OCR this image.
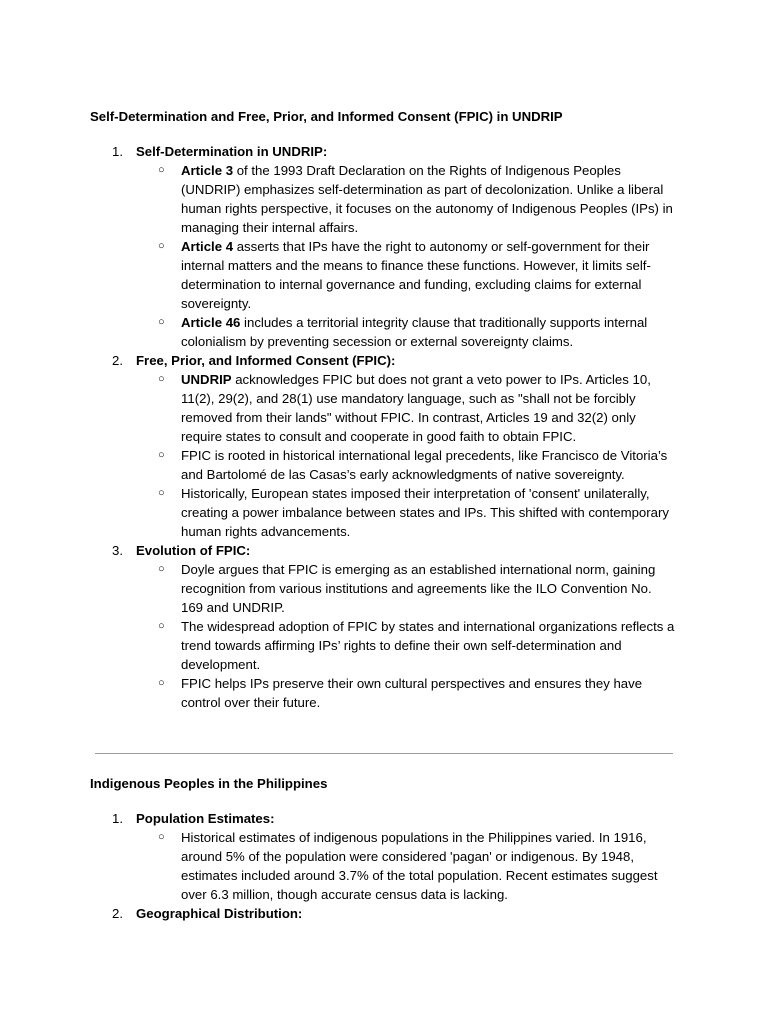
Self-Determination and Free, Prior, and Informed Consent (FPIC) in UNDRIP
1. Self-Determination in UNDRIP:
○ Article 3 of the 1993 Draft Declaration on the Rights of Indigenous Peoples (UNDRIP) emphasizes self-determination as part of decolonization. Unlike a liberal human rights perspective, it focuses on the autonomy of Indigenous Peoples (IPs) in managing their internal affairs.
○ Article 4 asserts that IPs have the right to autonomy or self-government for their internal matters and the means to finance these functions. However, it limits self-determination to internal governance and funding, excluding claims for external sovereignty.
○ Article 46 includes a territorial integrity clause that traditionally supports internal colonialism by preventing secession or external sovereignty claims.
2. Free, Prior, and Informed Consent (FPIC):
○ UNDRIP acknowledges FPIC but does not grant a veto power to IPs. Articles 10, 11(2), 29(2), and 28(1) use mandatory language, such as "shall not be forcibly removed from their lands" without FPIC. In contrast, Articles 19 and 32(2) only require states to consult and cooperate in good faith to obtain FPIC.
○ FPIC is rooted in historical international legal precedents, like Francisco de Vitoria’s and Bartolomé de las Casas’s early acknowledgments of native sovereignty.
○ Historically, European states imposed their interpretation of 'consent' unilaterally, creating a power imbalance between states and IPs. This shifted with contemporary human rights advancements.
3. Evolution of FPIC:
○ Doyle argues that FPIC is emerging as an established international norm, gaining recognition from various institutions and agreements like the ILO Convention No. 169 and UNDRIP.
○ The widespread adoption of FPIC by states and international organizations reflects a trend towards affirming IPs’ rights to define their own self-determination and development.
○ FPIC helps IPs preserve their own cultural perspectives and ensures they have control over their future.
Indigenous Peoples in the Philippines
1. Population Estimates:
○ Historical estimates of indigenous populations in the Philippines varied. In 1916, around 5% of the population were considered 'pagan' or indigenous. By 1948, estimates included around 3.7% of the total population. Recent estimates suggest over 6.3 million, though accurate census data is lacking.
2. Geographical Distribution:
